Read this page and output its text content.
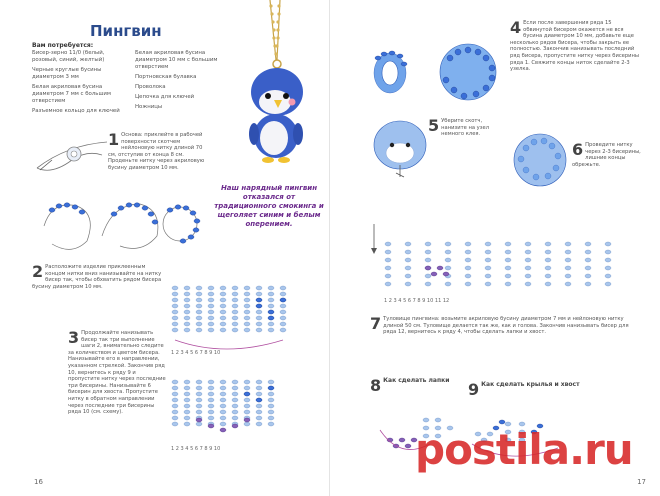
Пингвин
Вам потребуется:

Бисер-зерно 11/0 (белый, розовый, синий, желтый)

Черные круглые бусины диаметром 3 мм

Белая акриловая бусина диаметром 7 мм с большим отверстием

Разъемное кольцо для ключей

Белая акриловая бусина диаметром 10 мм с большим отверстием

Портновская булавка

Проволока

Цепочка для ключей

Ножницы

Наш нарядный пингвин отказался от традиционного смокинга и щеголяет синим и белым оперением.
1 Основа: приклейте в рабочей поверхности скотчем нейлоновую нитку длиной 70 см, отступив от конца 8 см. Проденьте нитку через акриловую бусину диаметром 10 мм.
2 Расположите изделие приклеенным концом нитки вниз нанизывайте на нитку бисер так, чтобы обхватить рядом бисера бусину диаметром 10 мм.
1 2 3 4 5 6 7 8 9 10
1 2 3 4 5 6 7 8 9 10
3 Продолжайте нанизывать бисер так три выполнение шаги 2, внимательно следите за количеством и цветом бисера. Нанизывайте его в направлении, указанном стрелкой. Закончив ряд 10, вернитесь к ряду 9 и пропустите нитку через последние три бисерины. Нанизывайте 6 бисерин для хвоста. Пропустите нитку в обратном направлении через последние три бисерины ряда 10 (см. схему).
16
4 Если после завершения ряда 15 обвинутой бисером окажется не вся бусина диаметром 10 мм, добавьте еще несколько рядов бисера, чтобы закрыть ее полностью. Закончив нанизывать последний ряд бисера, пропустите нитку через бисерины ряда 1. Свяжите концы ниток сделайте 2-3 узелка.
5 Уберите скотч, нанизите на узел немного клея.
6 Проведите нитку через 2-3 бисерины, лишние концы обрежьте.
1 2 3 4 5 6 7 8 9 10 11 12
7 Туловище пингвина: возьмите акриловую бусину диаметром 7 мм и нейлоновую нитку длиной 50 см. Туловище делается так же, как и голова. Закончив нанизывать бисер для ряда 12, вернитесь к ряду 4, чтобы сделать лапки и хвост.
8 Как сделать лапки 9 Как сделать крылья и хвост
17
postila.ru
